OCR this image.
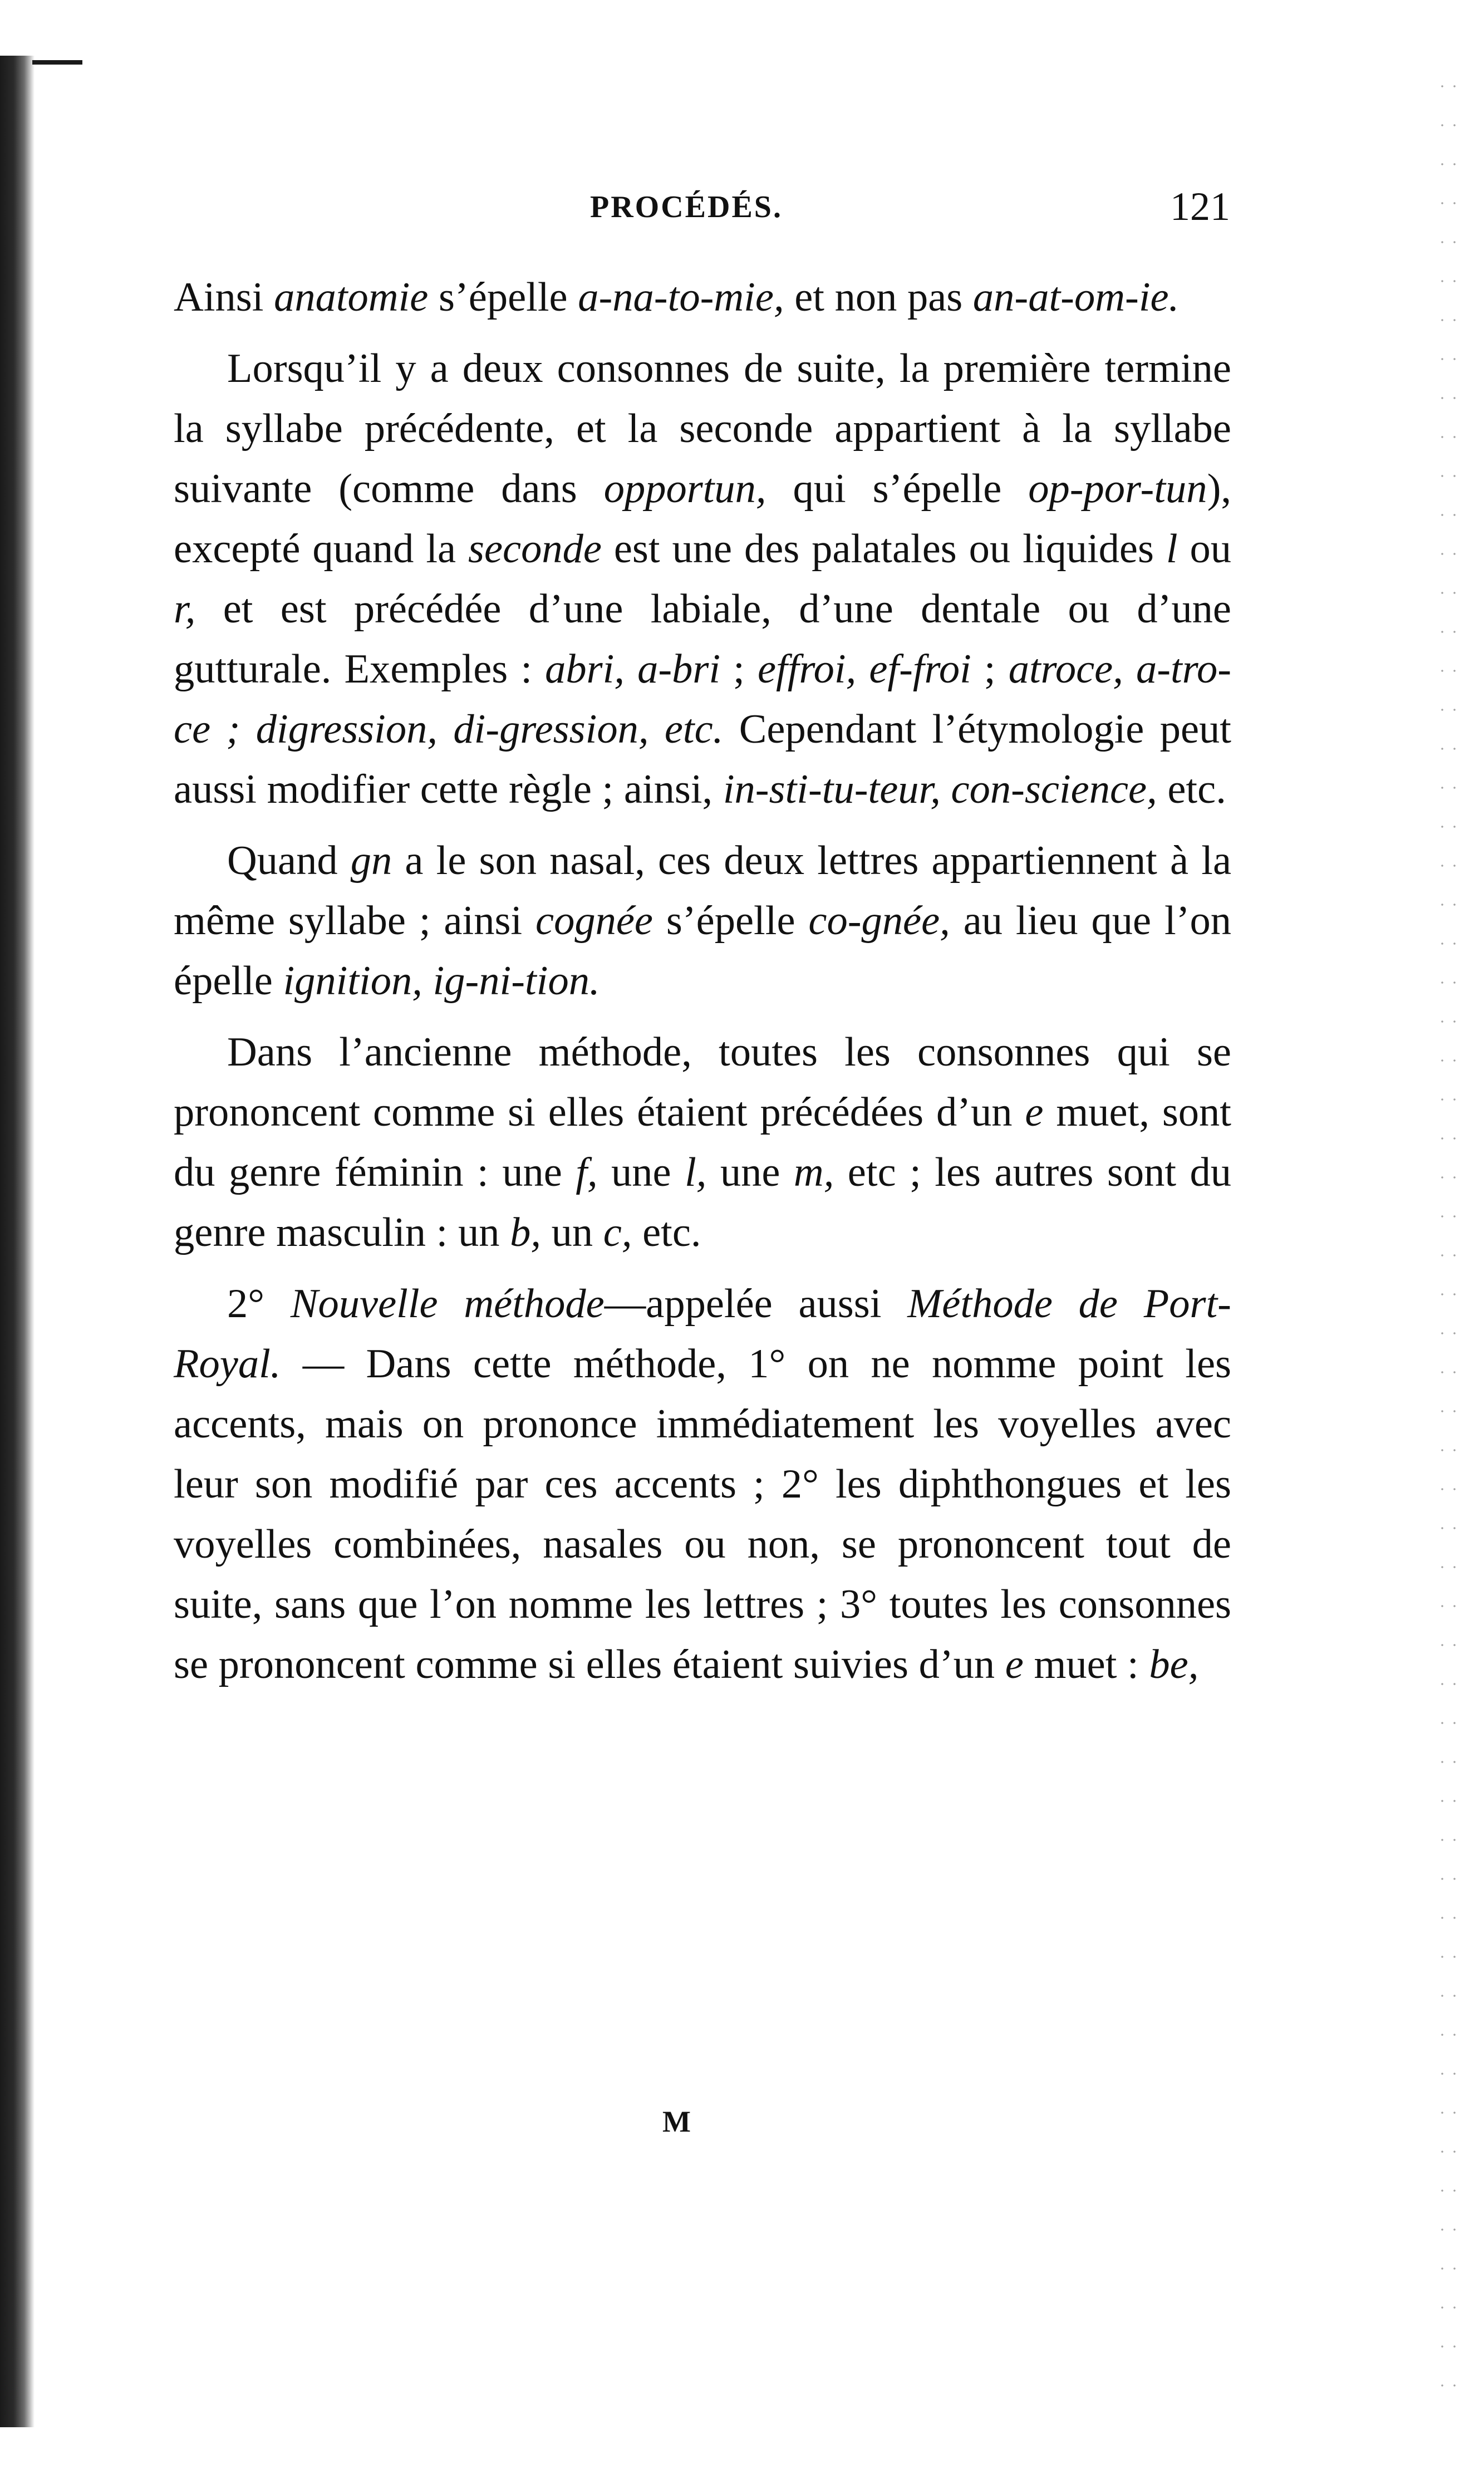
PROCÉDÉS.	121

Ainsi anatomie s’épelle a-na-to-mie, et non pas an-at-om-ie.

Lorsqu’il y a deux consonnes de suite, la première termine la syllabe précédente, et la seconde appartient à la syllabe suivante (comme dans opportun, qui s’épelle op-por-tun), excepté quand la seconde est une des palatales ou liquides l ou r, et est précédée d’une labiale, d’une dentale ou d’une gutturale. Exemples : abri, a-bri ; effroi, ef-froi ; atroce, a-tro-ce ; digression, di-gression, etc. Cependant l’étymologie peut aussi modifier cette règle ; ainsi, in-sti-tu-teur, con-science, etc.

Quand gn a le son nasal, ces deux lettres appartiennent à la même syllabe ; ainsi cognée s’épelle co-gnée, au lieu que l’on épelle ignition, ig-ni-tion.

Dans l’ancienne méthode, toutes les consonnes qui se prononcent comme si elles étaient précédées d’un e muet, sont du genre féminin : une f, une l, une m, etc ; les autres sont du genre masculin : un b, un c, etc.

2° Nouvelle méthode—appelée aussi Méthode de Port-Royal. — Dans cette méthode, 1° on ne nomme point les accents, mais on prononce immédiatement les voyelles avec leur son modifié par ces accents ; 2° les diphthongues et les voyelles combinées, nasales ou non, se prononcent tout de suite, sans que l’on nomme les lettres ; 3° toutes les consonnes se prononcent comme si elles étaient suivies d’un e muet : be,

M
